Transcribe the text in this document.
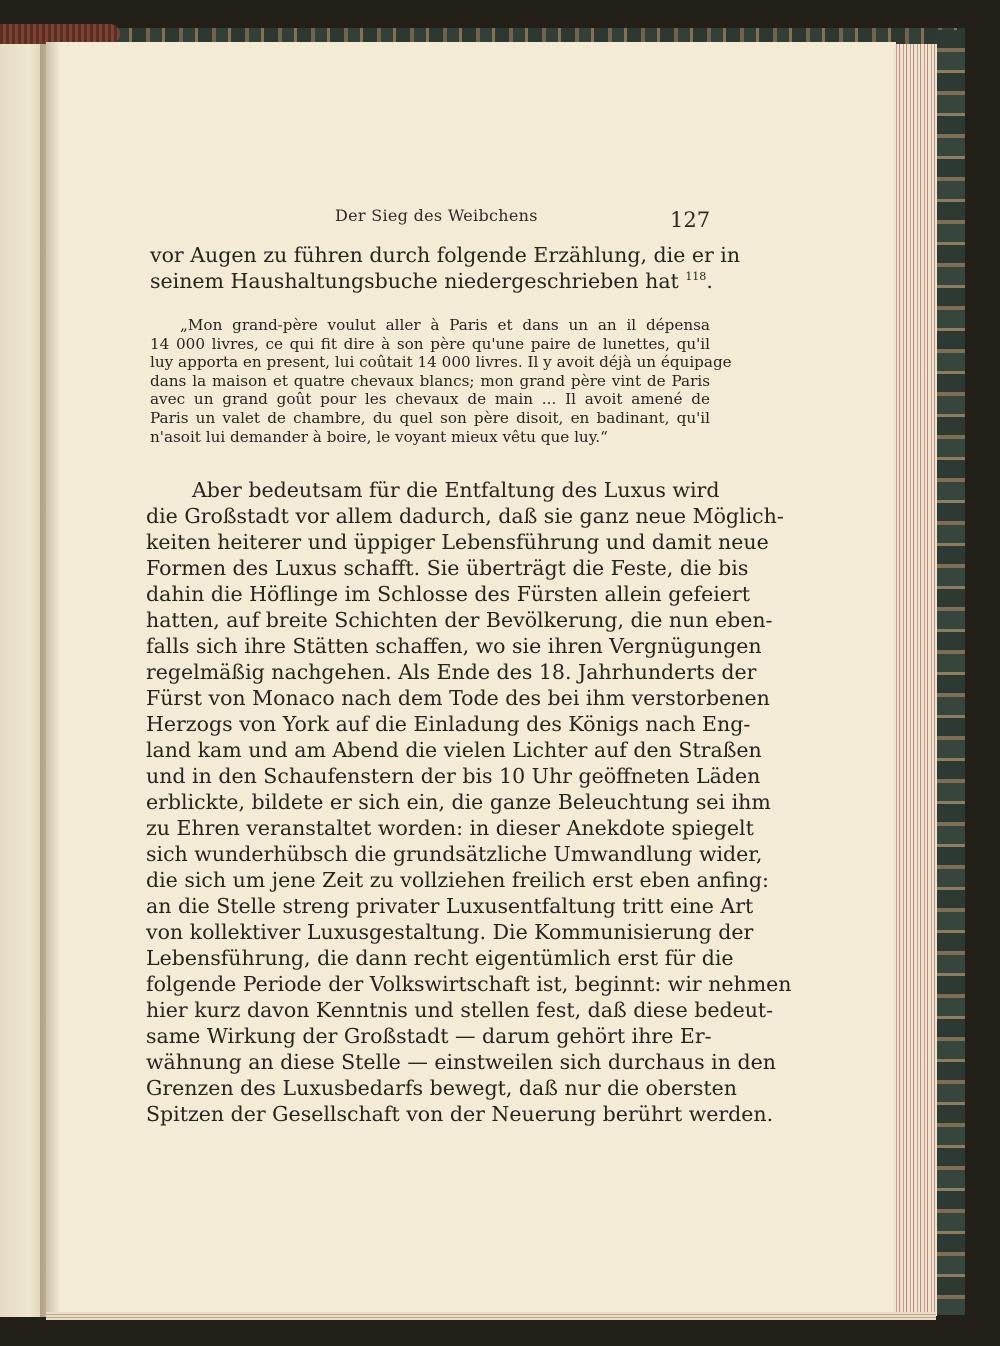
Der Sieg des Weibchens	127
vor Augen zu führen durch folgende Erzählung, die er in
seinem Haushaltungsbuche niedergeschrieben hat $^{118}$.
„Mon grand-père voulut aller à Paris et dans un an il dépensa
14 000 livres, ce qui fit dire à son père qu'une paire de lunettes, qu'il
luy apporta en present, lui coûtait 14 000 livres. Il y avoit déjà un équipage
dans la maison et quatre chevaux blancs; mon grand père vint de Paris
avec un grand goût pour les chevaux de main ... Il avoit amené de
Paris un valet de chambre, du quel son père disoit, en badinant, qu'il
n'asoit lui demander à boire, le voyant mieux vêtu que luy.“
Aber bedeutsam für die Entfaltung des Luxus wird
die Großstadt vor allem dadurch, daß sie ganz neue Möglich-
keiten heiterer und üppiger Lebensführung und damit neue
Formen des Luxus schafft. Sie überträgt die Feste, die bis
dahin die Höflinge im Schlosse des Fürsten allein gefeiert
hatten, auf breite Schichten der Bevölkerung, die nun eben-
falls sich ihre Stätten schaffen, wo sie ihren Vergnügungen
regelmäßig nachgehen. Als Ende des 18. Jahrhunderts der
Fürst von Monaco nach dem Tode des bei ihm verstorbenen
Herzogs von York auf die Einladung des Königs nach Eng-
land kam und am Abend die vielen Lichter auf den Straßen
und in den Schaufenstern der bis 10 Uhr geöffneten Läden
erblickte, bildete er sich ein, die ganze Beleuchtung sei ihm
zu Ehren veranstaltet worden: in dieser Anekdote spiegelt
sich wunderhübsch die grundsätzliche Umwandlung wider,
die sich um jene Zeit zu vollziehen freilich erst eben anfing:
an die Stelle streng privater Luxusentfaltung tritt eine Art
von kollektiver Luxusgestaltung. Die Kommunisierung der
Lebensführung, die dann recht eigentümlich erst für die
folgende Periode der Volkswirtschaft ist, beginnt: wir nehmen
hier kurz davon Kenntnis und stellen fest, daß diese bedeut-
same Wirkung der Großstadt — darum gehört ihre Er-
wähnung an diese Stelle — einstweilen sich durchaus in den
Grenzen des Luxusbedarfs bewegt, daß nur die obersten
Spitzen der Gesellschaft von der Neuerung berührt werden.
